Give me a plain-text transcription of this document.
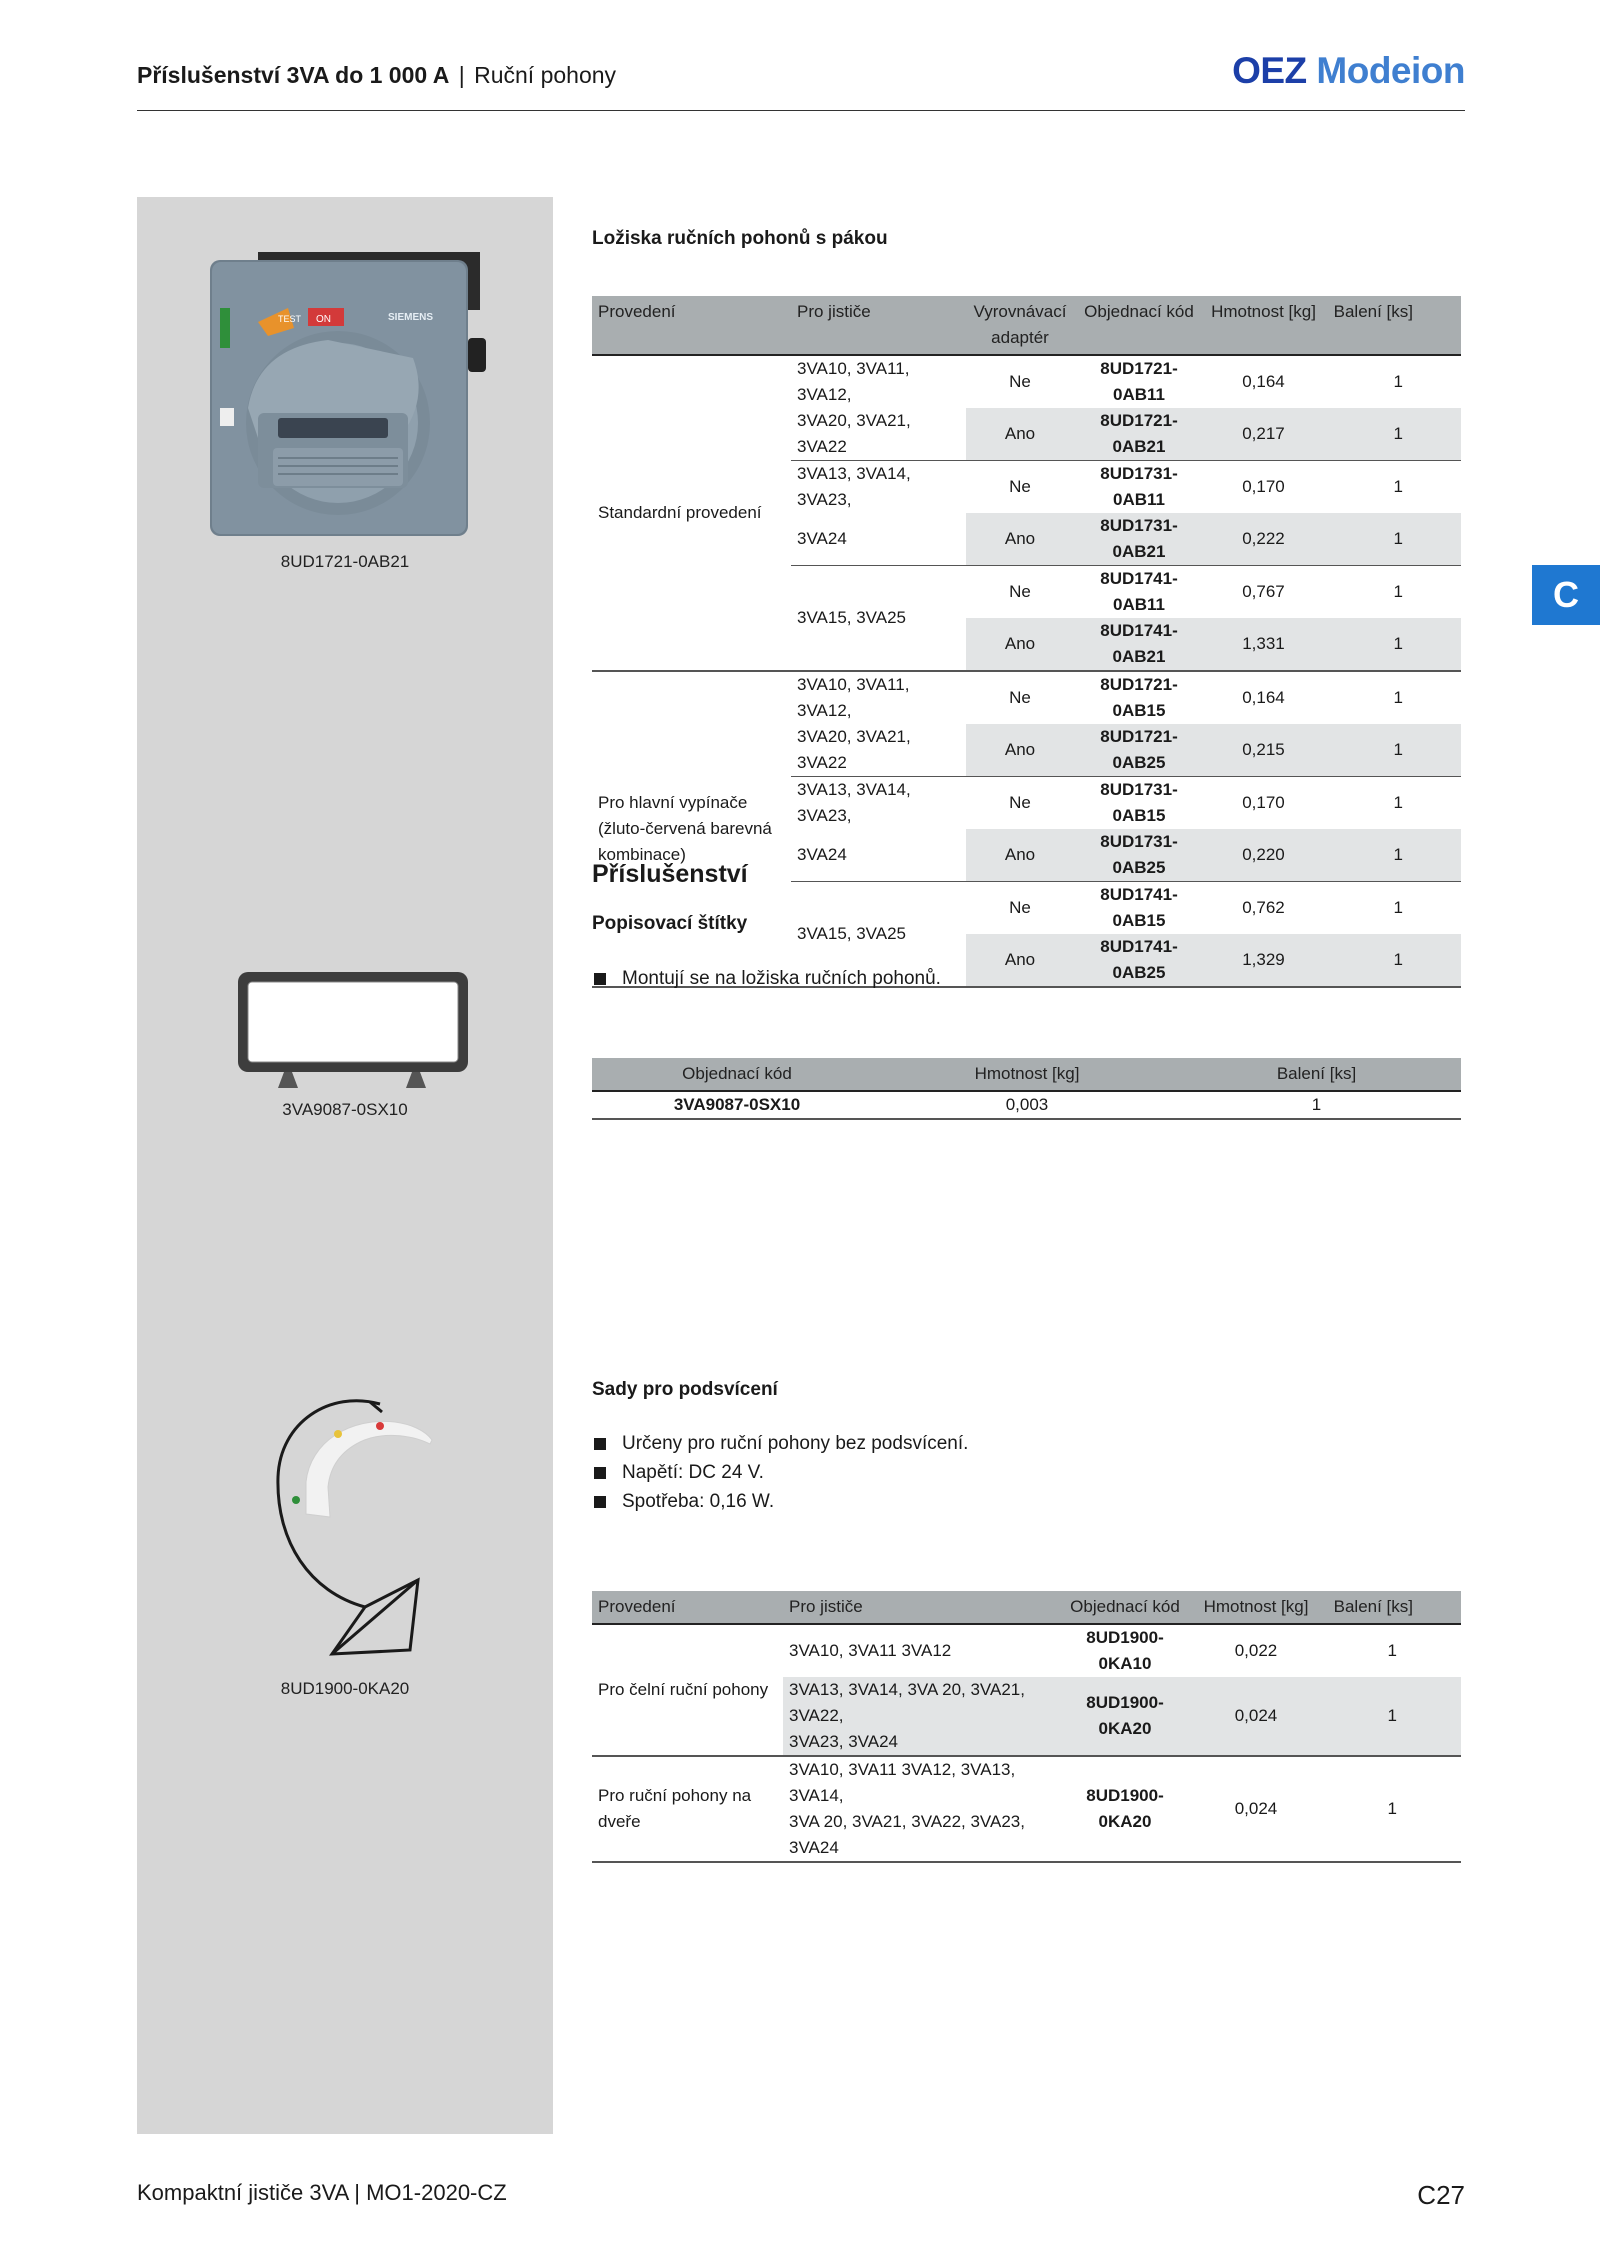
Příslušenství 3VA do 1 000 A | Ruční pohony	OEZ Modeion
C
TEST ON	SIEMENS
8UD1721-0AB21
3VA9087-0SX10
8UD1900-0KA20
Ložiska ručních pohonů s pákou
Provedení	Pro jističe	Vyrovnávací adaptér	Objednací kód	Hmotnost [kg]	Balení [ks]
Standardní provedení	3VA10, 3VA11, 3VA12,	Ne	8UD1721-0AB11	0,164	1
	3VA20, 3VA21, 3VA22	Ano	8UD1721-0AB21	0,217	1
	3VA13, 3VA14, 3VA23,	Ne	8UD1731-0AB11	0,170	1
	3VA24	Ano	8UD1731-0AB21	0,222	1
	3VA15, 3VA25	Ne	8UD1741-0AB11	0,767	1
		Ano	8UD1741-0AB21	1,331	1

Pro hlavní vypínače
(žluto-červená barevná
kombinace)	3VA10, 3VA11, 3VA12,	Ne	8UD1721-0AB15	0,164	1
	3VA20, 3VA21, 3VA22	Ano	8UD1721-0AB25	0,215	1
	3VA13, 3VA14, 3VA23,	Ne	8UD1731-0AB15	0,170	1
	3VA24	Ano	8UD1731-0AB25	0,220	1
	3VA15, 3VA25	Ne	8UD1741-0AB15	0,762	1
		Ano	8UD1741-0AB25	1,329	1
Příslušenství
Popisovací štítky
Montují se na ložiska ručních pohonů.
Objednací kód	Hmotnost [kg]	Balení [ks]
3VA9087-0SX10	0,003	1
Sady pro podsvícení
Určeny pro ruční pohony bez podsvícení.
Napětí: DC 24 V.
Spotřeba: 0,16 W.
Provedení	Pro jističe	Objednací kód	Hmotnost [kg]	Balení [ks]
Pro čelní ruční pohony	3VA10, 3VA11 3VA12	8UD1900-0KA10	0,022	1

	3VA13, 3VA14, 3VA 20, 3VA21, 3VA22,
3VA23, 3VA24	8UD1900-0KA20	0,024	1
Pro ruční pohony na dveře	3VA10, 3VA11 3VA12, 3VA13, 3VA14,
3VA 20, 3VA21, 3VA22, 3VA23, 3VA24	8UD1900-0KA20	0,024	1
Kompaktní jističe 3VA | MO1-2020-CZ	C27
